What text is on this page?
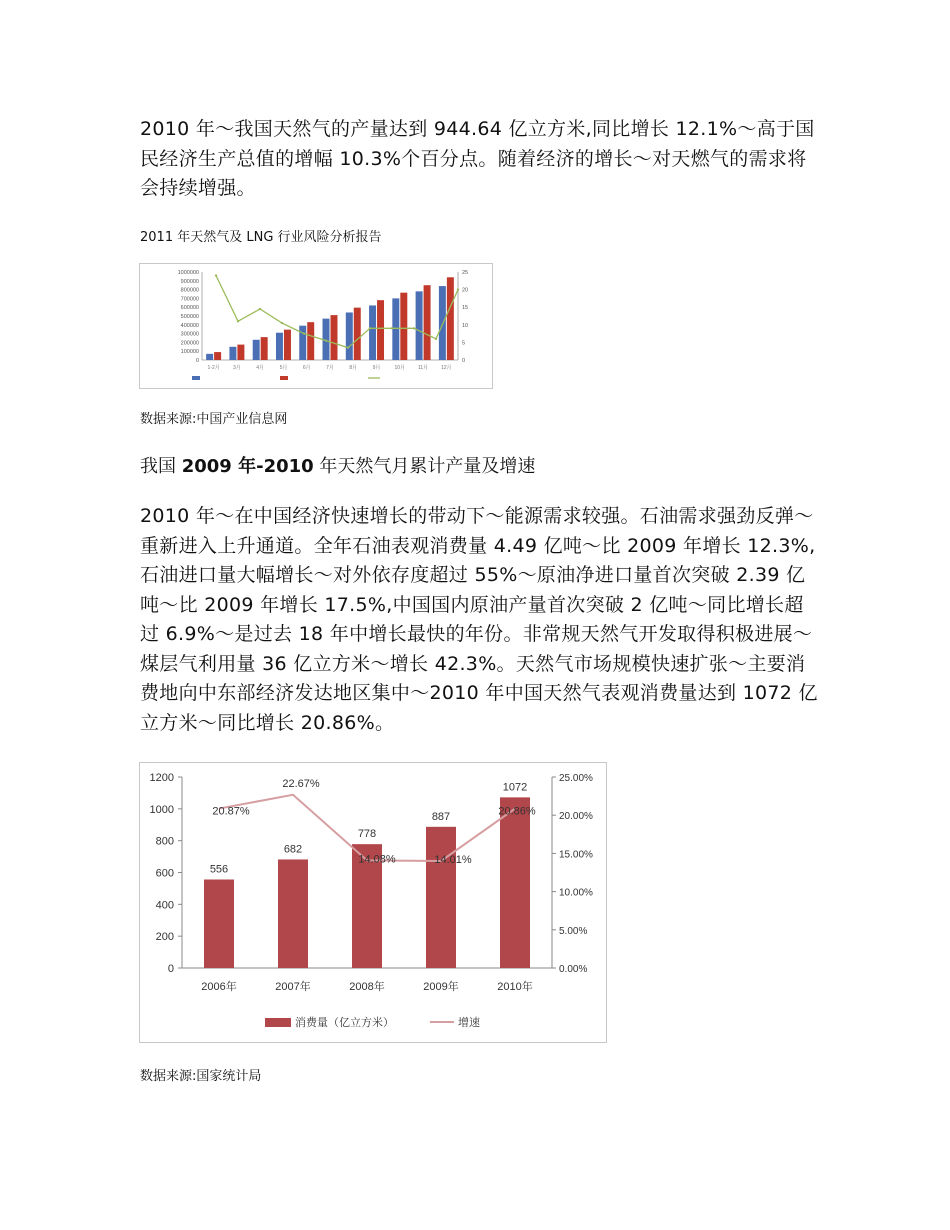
2010 年～我国天然气的产量达到 944.64 亿立方米,同比增长 12.1%～高于国民经济生产总值的增幅 10.3%个百分点。随着经济的增长～对天燃气的需求将会持续增强。

2011 年天然气及 LNG 行业风险分析报告

1000000
900000
800000
700000
600000
500000
400000
300000
200000
100000
0
25
20
15
10
5
0
1-2月	3月	4月	5月	6月	7月	8月	9月	10月	11月	12月

数据来源:中国产业信息网

我国 2009 年-2010 年天然气月累计产量及增速

2010 年～在中国经济快速增长的带动下～能源需求较强。石油需求强劲反弹～重新进入上升通道。全年石油表观消费量 4.49 亿吨～比 2009 年增长 12.3%,石油进口量大幅增长～对外依存度超过 55%～原油净进口量首次突破 2.39 亿吨～比 2009 年增长 17.5%,中国国内原油产量首次突破 2 亿吨～同比增长超过 6.9%～是过去 18 年中增长最快的年份。非常规天然气开发取得积极进展～煤层气利用量 36 亿立方米～增长 42.3%。天然气市场规模快速扩张～主要消费地向中东部经济发达地区集中～2010 年中国天然气表观消费量达到 1072 亿立方米～同比增长 20.86%。

1200
1000
800
600
400
200
0
25.00%
20.00%
15.00%
10.00%
5.00%
0.00%
556
682
778
887
1072
20.87%
22.67%
14.08%	14.01%
20.86%
2006年	2007年	2008年	2009年	2010年
消费量（亿立方米）	增速

数据来源:国家统计局
